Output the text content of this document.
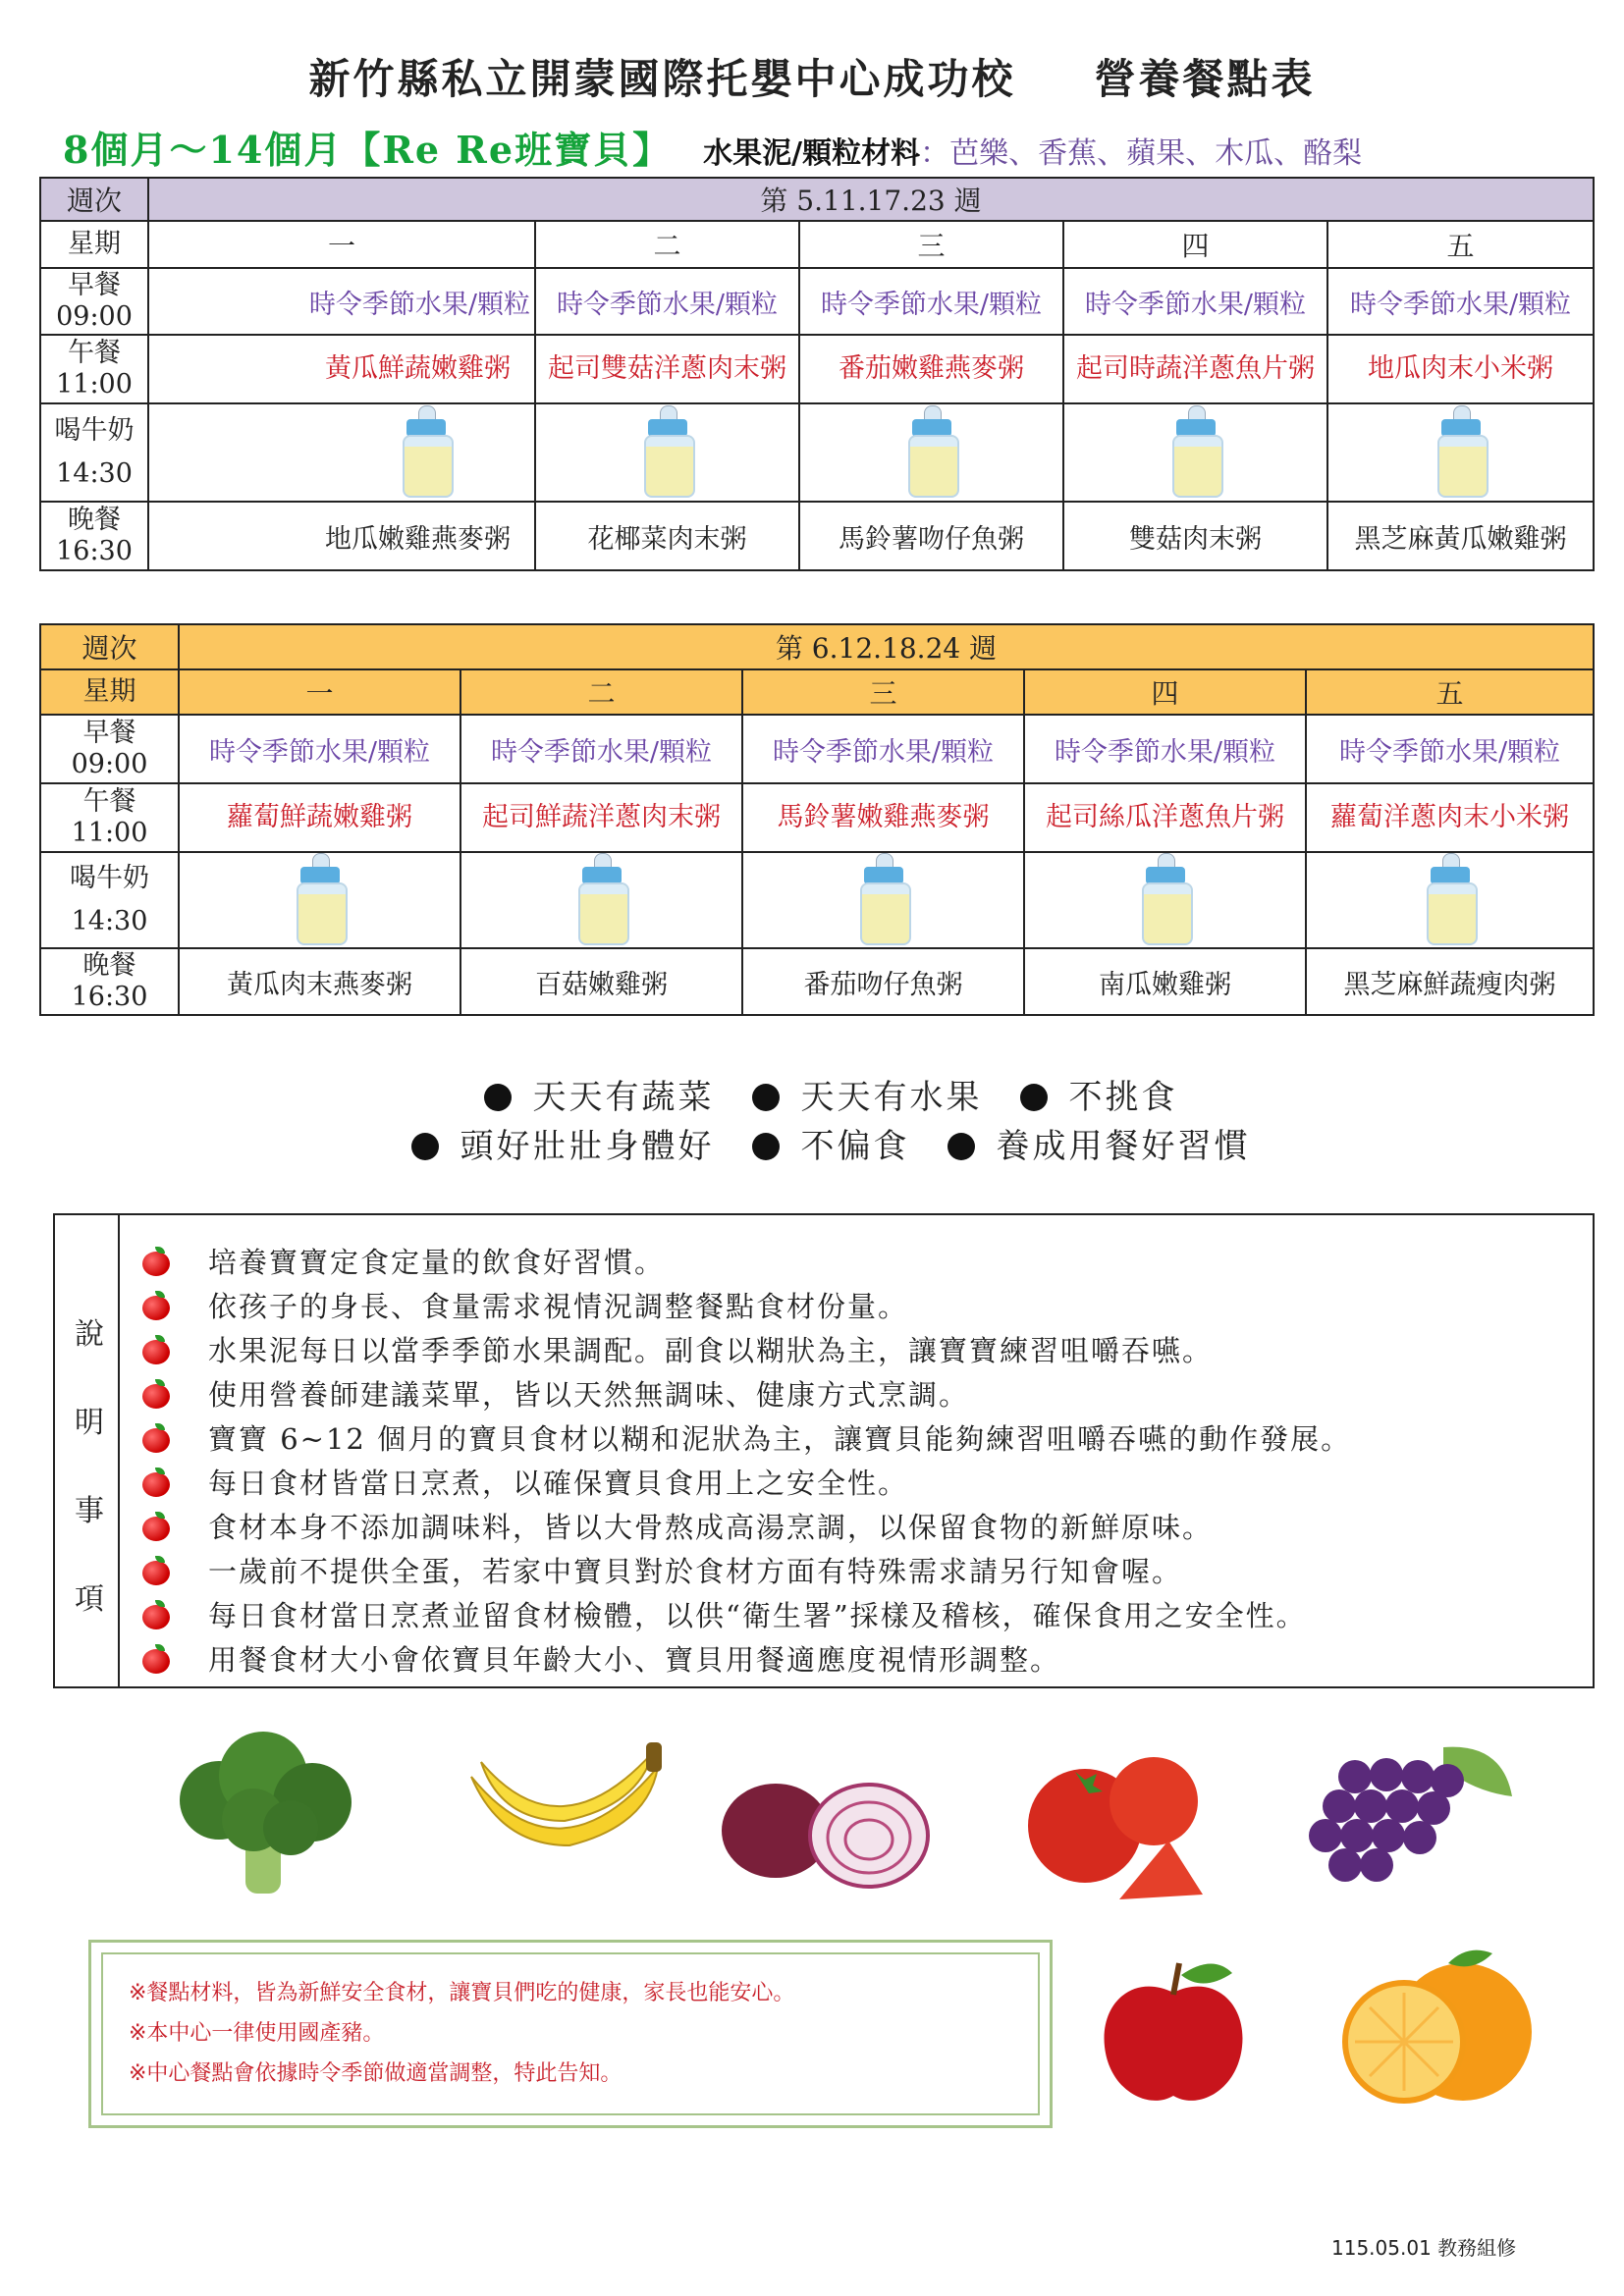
新竹縣私立開蒙國際托嬰中心成功校 營養餐點表
8個月～14個月【Re Re班寶貝】 水果泥/顆粒材料：芭樂、香蕉、蘋果、木瓜、酪梨
週次	第 5.11.17.23 週				
星期	一	二	三	四	五

早餐
09:00	時令季節水果/顆粒	時令季節水果/顆粒	時令季節水果/顆粒	時令季節水果/顆粒	時令季節水果/顆粒

午餐
11:00	黃瓜鮮蔬嫩雞粥	起司雙菇洋蔥肉末粥	番茄嫩雞燕麥粥	起司時蔬洋蔥魚片粥	地瓜肉末小米粥

喝牛奶
14:30					

晚餐
16:30	地瓜嫩雞燕麥粥	花椰菜肉末粥	馬鈴薯吻仔魚粥	雙菇肉末粥	黑芝麻黃瓜嫩雞粥
週次	第 6.12.18.24 週				
星期	一	二	三	四	五

早餐
09:00	時令季節水果/顆粒	時令季節水果/顆粒	時令季節水果/顆粒	時令季節水果/顆粒	時令季節水果/顆粒

午餐
11:00	蘿蔔鮮蔬嫩雞粥	起司鮮蔬洋蔥肉末粥	馬鈴薯嫩雞燕麥粥	起司絲瓜洋蔥魚片粥	蘿蔔洋蔥肉末小米粥

喝牛奶
14:30					

晚餐
16:30	黃瓜肉末燕麥粥	百菇嫩雞粥	番茄吻仔魚粥	南瓜嫩雞粥	黑芝麻鮮蔬瘦肉粥
天天有蔬菜	天天有水果	不挑食
頭好壯壯身體好	不偏食	養成用餐好習慣
說
明
事
項
培養寶寶定食定量的飲食好習慣。
依孩子的身長、食量需求視情況調整餐點食材份量。
水果泥每日以當季季節水果調配。副食以糊狀為主，讓寶寶練習咀嚼吞嚥。
使用營養師建議菜單，皆以天然無調味、健康方式烹調。
寶寶 6~12 個月的寶貝食材以糊和泥狀為主，讓寶貝能夠練習咀嚼吞嚥的動作發展。
每日食材皆當日烹煮，以確保寶貝食用上之安全性。
食材本身不添加調味料，皆以大骨熬成高湯烹調，以保留食物的新鮮原味。
一歲前不提供全蛋，若家中寶貝對於食材方面有特殊需求請另行知會喔。
每日食材當日烹煮並留食材檢體，以供“衛生署”採樣及稽核，確保食用之安全性。
用餐食材大小會依寶貝年齡大小、寶貝用餐適應度視情形調整。

※餐點材料，皆為新鮮安全食材，讓寶貝們吃的健康，家長也能安心。

※本中心一律使用國產豬。

※中心餐點會依據時令季節做適當調整，特此告知。

115.05.01 教務組修
